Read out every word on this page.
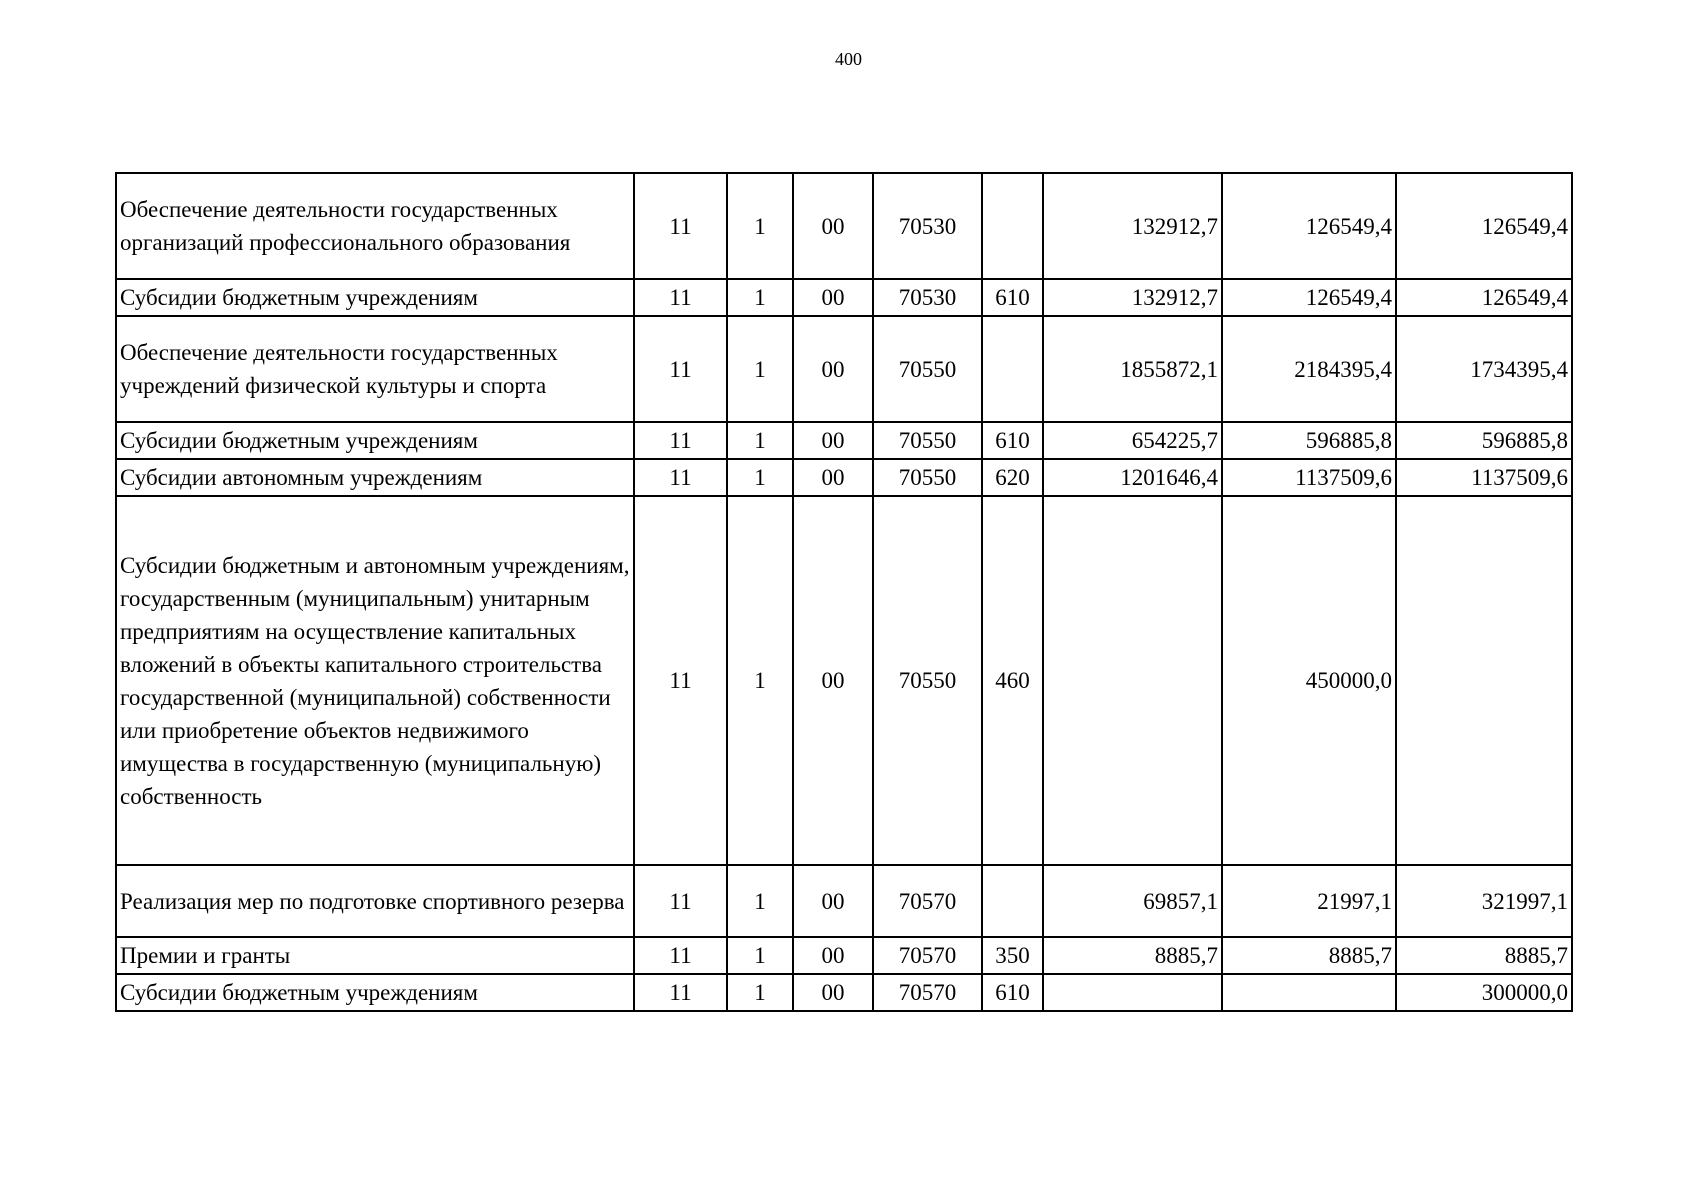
400
Обеспечение деятельности государственных организаций профессионального образования	11	1	00	70530		132912,7	126549,4	126549,4
Субсидии бюджетным учреждениям	11	1	00	70530	610	132912,7	126549,4	126549,4
Обеспечение деятельности государственных учреждений физической культуры и спорта	11	1	00	70550		1855872,1	2184395,4	1734395,4
Субсидии бюджетным учреждениям	11	1	00	70550	610	654225,7	596885,8	596885,8
Субсидии автономным учреждениям	11	1	00	70550	620	1201646,4	1137509,6	1137509,6
Субсидии бюджетным и автономным учреждениям, государственным (муниципальным) унитарным предприятиям на осуществление капитальных вложений в объекты капитального строительства государственной (муниципальной) собственности или приобретение объектов недвижимого имущества в государственную (муниципальную) собственность	11	1	00	70550	460		450000,0	
Реализация мер по подготовке спортивного резерва	11	1	00	70570		69857,1	21997,1	321997,1
Премии и гранты	11	1	00	70570	350	8885,7	8885,7	8885,7
Субсидии бюджетным учреждениям	11	1	00	70570	610			300000,0
